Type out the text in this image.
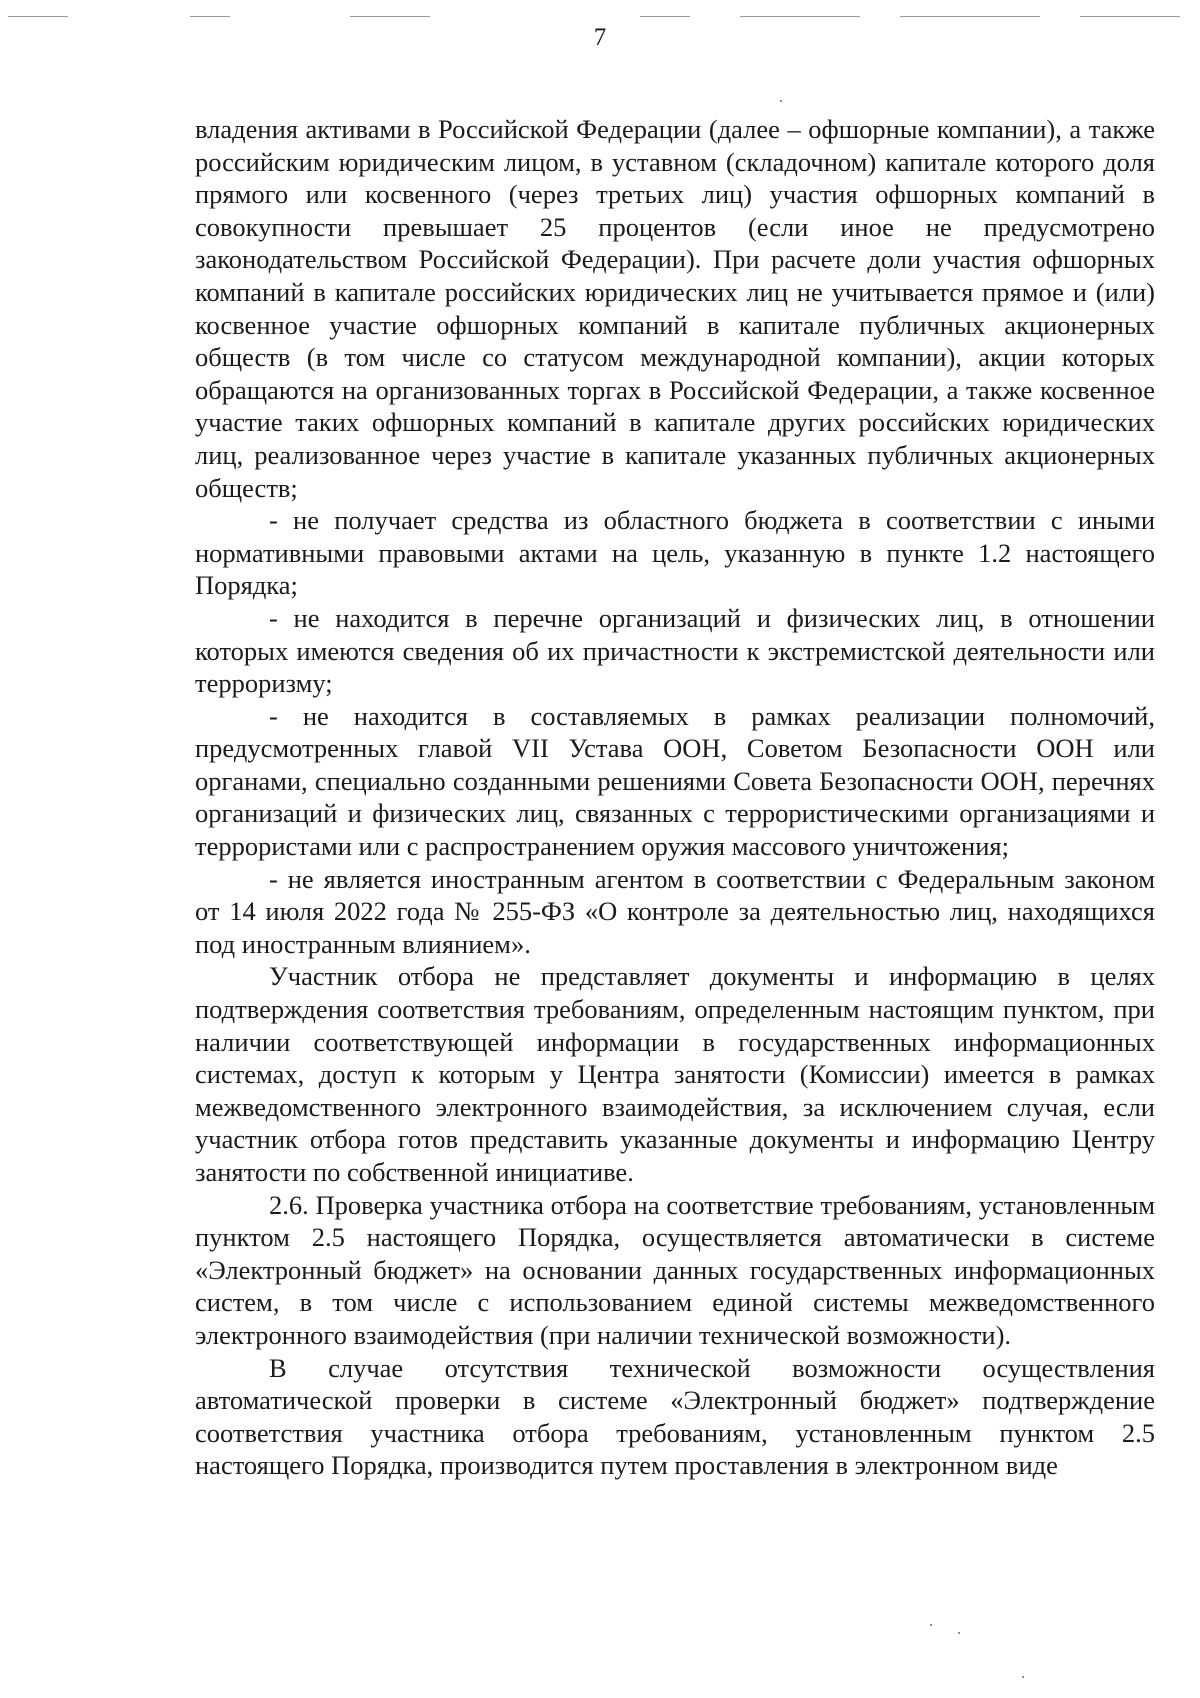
7

владения активами в Российской Федерации (далее – офшорные компании), а также российским юридическим лицом, в уставном (складочном) капитале которого доля прямого или косвенного (через третьих лиц) участия офшорных компаний в совокупности превышает 25 процентов (если иное не предусмотрено законодательством Российской Федерации). При расчете доли участия офшорных компаний в капитале российских юридических лиц не учитывается прямое и (или) косвенное участие офшорных компаний в капитале публичных акционерных обществ (в том числе со статусом международной компании), акции которых обращаются на организованных торгах в Российской Федерации, а также косвенное участие таких офшорных компаний в капитале других российских юридических лиц, реализованное через участие в капитале указанных публичных акционерных обществ;

- не получает средства из областного бюджета в соответствии с иными нормативными правовыми актами на цель, указанную в пункте 1.2 настоящего Порядка;

- не находится в перечне организаций и физических лиц, в отношении которых имеются сведения об их причастности к экстремистской деятельности или терроризму;

- не находится в составляемых в рамках реализации полномочий, предусмотренных главой VII Устава ООН, Советом Безопасности ООН или органами, специально созданными решениями Совета Безопасности ООН, перечнях организаций и физических лиц, связанных с террористическими организациями и террористами или с распространением оружия массового уничтожения;

- не является иностранным агентом в соответствии с Федеральным законом от 14 июля 2022 года № 255-ФЗ «О контроле за деятельностью лиц, находящихся под иностранным влиянием».

Участник отбора не представляет документы и информацию в целях подтверждения соответствия требованиям, определенным настоящим пунктом, при наличии соответствующей информации в государственных информационных системах, доступ к которым у Центра занятости (Комиссии) имеется в рамках межведомственного электронного взаимодействия, за исключением случая, если участник отбора готов представить указанные документы и информацию Центру занятости по собственной инициативе.

2.6. Проверка участника отбора на соответствие требованиям, установленным пунктом 2.5 настоящего Порядка, осуществляется автоматически в системе «Электронный бюджет» на основании данных государственных информационных систем, в том числе с использованием единой системы межведомственного электронного взаимодействия (при наличии технической возможности).

В случае отсутствия технической возможности осуществления автоматической проверки в системе «Электронный бюджет» подтверждение соответствия участника отбора требованиям, установленным пунктом 2.5 настоящего Порядка, производится путем проставления в электронном виде
